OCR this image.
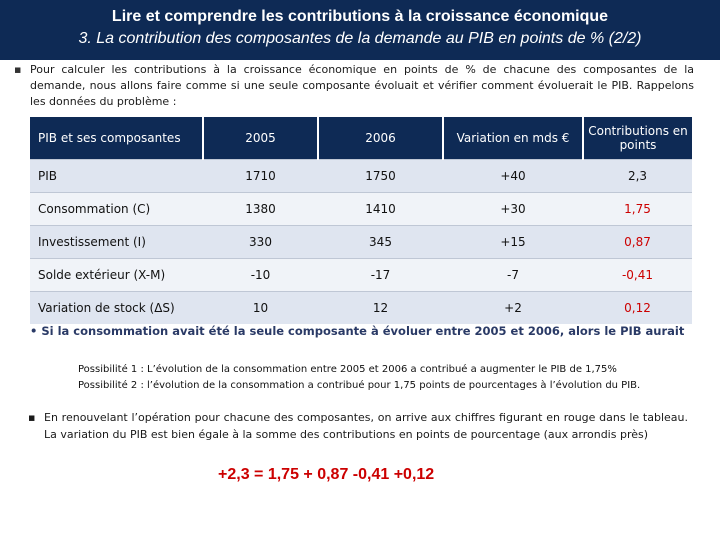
Lire et comprendre les contributions à la croissance économique
3. La contribution des composantes de la demande au PIB en points de % (2/2)
▪ Pour calculer les contributions à la croissance économique en points de % de chacune des composantes de la demande, nous allons faire comme si une seule composante évoluait et vérifier comment évoluerait le PIB. Rappelons les données du problème :
PIB et ses composantes	2005	2006	Variation en mds €	Contributions en points
PIB	1710	1750	+40	2,3
Consommation (C)	1380	1410	+30	1,75
Investissement (I)	330	345	+15	0,87
Solde extérieur (X-M)	-10	-17	-7	-0,41
Variation de stock (ΔS)	10	12	+2	0,12
• Si la consommation avait été la seule composante à évoluer entre 2005 et 2006, alors le PIB aurait

Possibilité 1 : L’évolution de la consommation entre 2005 et 2006 a contribué a augmenter le PIB de 1,75%
Possibilité 2 : l’évolution de la consommation a contribué pour 1,75 points de pourcentages à l’évolution du PIB.
▪ En renouvelant l’opération pour chacune des composantes, on arrive aux chiffres figurant en rouge dans le tableau. La variation du PIB est bien égale à la somme des contributions en points de pourcentage (aux arrondis près)
+2,3 = 1,75 + 0,87 -0,41 +0,12
